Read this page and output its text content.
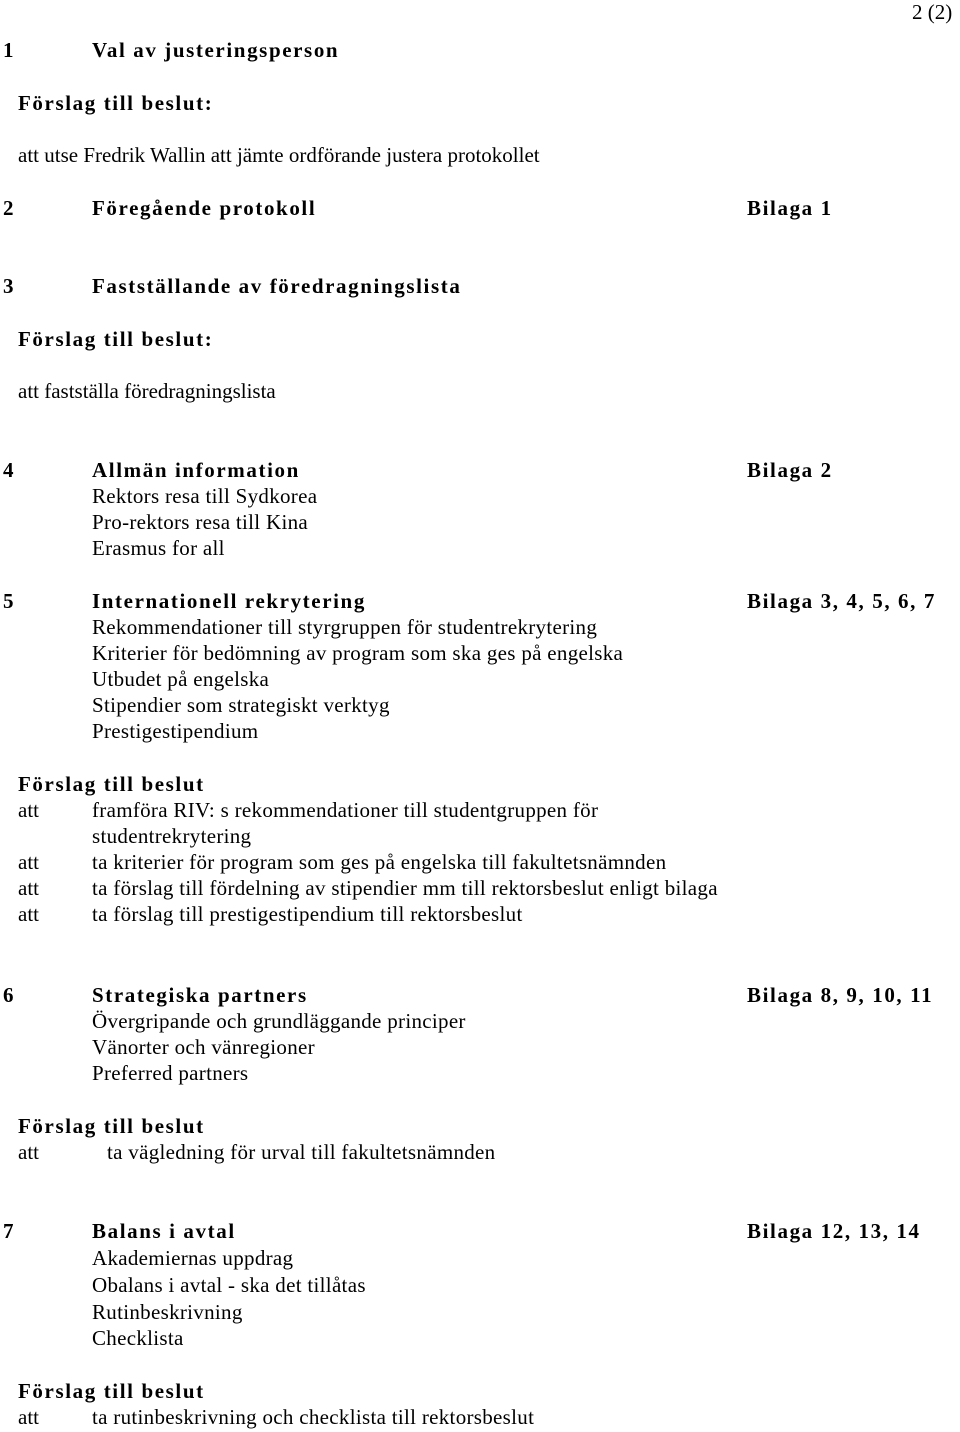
2 (2)
1	Val av justeringsperson
Förslag till beslut:
att utse Fredrik Wallin att jämte ordförande justera protokollet
2	Föregående protokoll	Bilaga 1
3	Fastställande av föredragningslista
Förslag till beslut:
att fastställa föredragningslista
4	Allmän information	Bilaga 2
Rektors resa till Sydkorea
Pro-rektors resa till Kina
Erasmus for all
5	Internationell rekrytering	Bilaga 3, 4, 5, 6, 7
Rekommendationer till styrgruppen för studentrekrytering
Kriterier för bedömning av program som ska ges på engelska
Utbudet på engelska
Stipendier som strategiskt verktyg
Prestigestipendium
Förslag till beslut
att	framföra RIV: s rekommendationer till studentgruppen för
studentrekrytering
att	ta kriterier för program som ges på engelska till fakultetsnämnden
att	ta förslag till fördelning av stipendier mm till rektorsbeslut enligt bilaga
att	ta förslag till prestigestipendium till rektorsbeslut
6	Strategiska partners	Bilaga 8, 9, 10, 11
Övergripande och grundläggande principer
Vänorter och vänregioner
Preferred partners
Förslag till beslut
att	ta vägledning för urval till fakultetsnämnden
7	Balans i avtal	Bilaga 12, 13, 14
Akademiernas uppdrag
Obalans i avtal - ska det tillåtas
Rutinbeskrivning
Checklista
Förslag till beslut
att	ta rutinbeskrivning och checklista till rektorsbeslut
